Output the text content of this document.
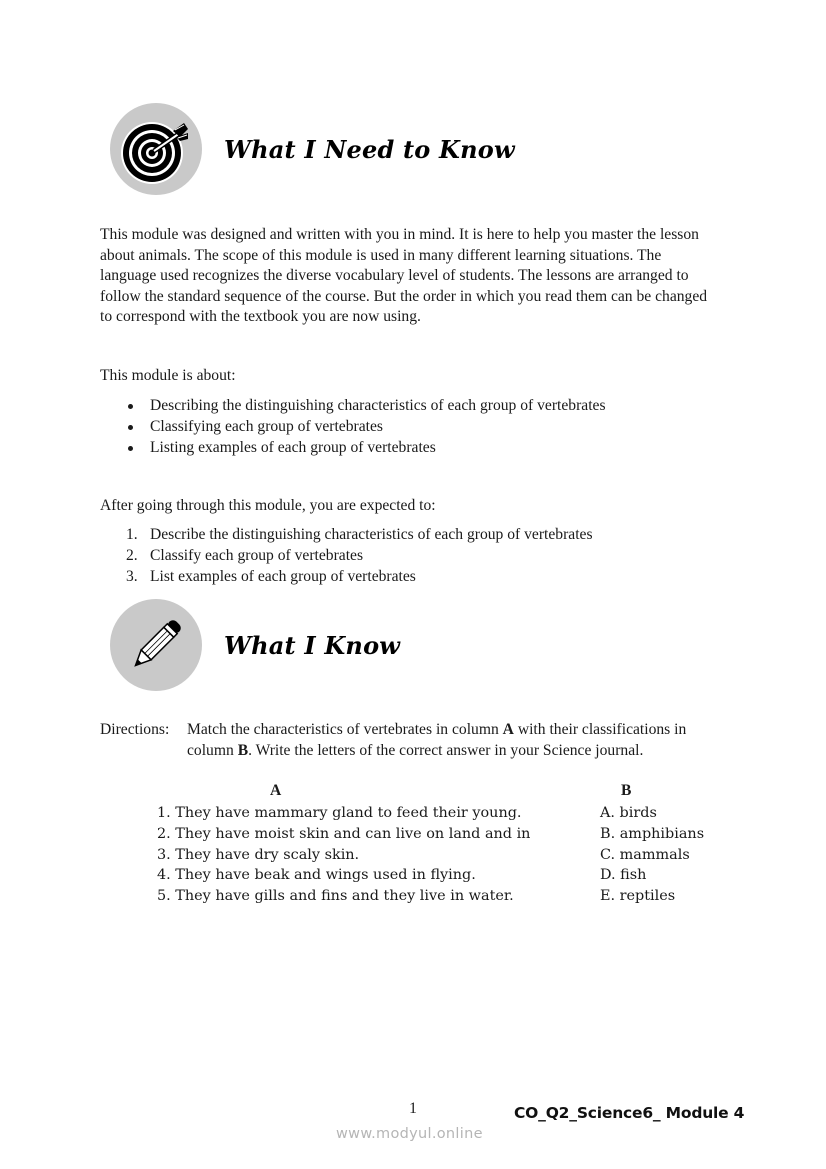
What I Need to Know

This module was designed and written with you in mind. It is here to help you master the lesson about animals. The scope of this module is used in many different learning situations. The language used recognizes the diverse vocabulary level of students. The lessons are arranged to follow the standard sequence of the course. But the order in which you read them can be changed to correspond with the textbook you are now using.

This module is about:

Describing the distinguishing characteristics of each group of vertebrates
Classifying each group of vertebrates
Listing examples of each group of vertebrates

After going through this module, you are expected to:

1. Describe the distinguishing characteristics of each group of vertebrates
2. Classify each group of vertebrates
3. List examples of each group of vertebrates
What I Know
Directions:	Match the characteristics of vertebrates in column A with their classifications in column B. Write the letters of the correct answer in your Science journal.
A	B
1. They have mammary gland to feed their young.	A. birds
2. They have moist skin and can live on land and in	B. amphibians
3. They have dry scaly skin.	C. mammals
4. They have beak and wings used in flying.	D. fish
5. They have gills and fins and they live in water.	E. reptiles
1	CO_Q2_Science6_ Module 4
www.modyul.online
